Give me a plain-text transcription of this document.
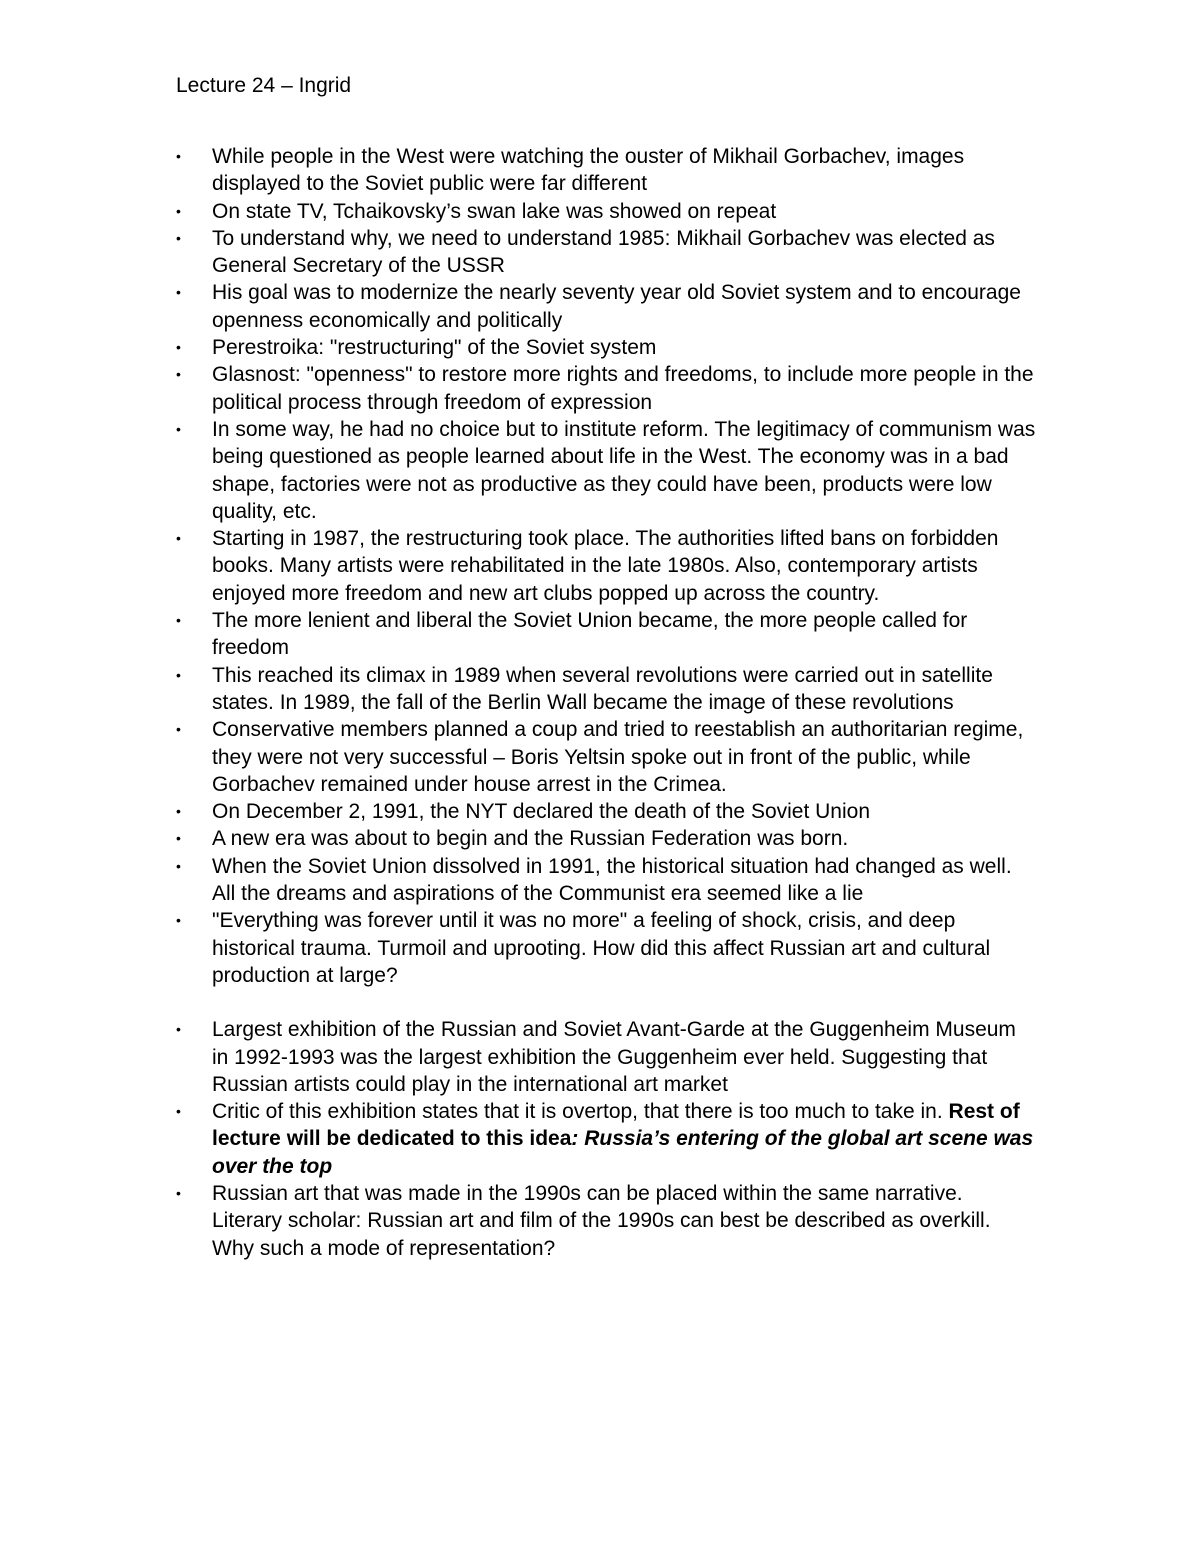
Lecture 24 – Ingrid
• While people in the West were watching the ouster of Mikhail Gorbachev, images displayed to the Soviet public were far different
• On state TV, Tchaikovsky’s swan lake was showed on repeat
• To understand why, we need to understand 1985: Mikhail Gorbachev was elected as General Secretary of the USSR
• His goal was to modernize the nearly seventy year old Soviet system and to encourage openness economically and politically
• Perestroika: "restructuring" of the Soviet system
• Glasnost: "openness" to restore more rights and freedoms, to include more people in the political process through freedom of expression
• In some way, he had no choice but to institute reform. The legitimacy of communism was being questioned as people learned about life in the West. The economy was in a bad shape, factories were not as productive as they could have been, products were low quality, etc.
• Starting in 1987, the restructuring took place. The authorities lifted bans on forbidden books. Many artists were rehabilitated in the late 1980s. Also, contemporary artists enjoyed more freedom and new art clubs popped up across the country.
• The more lenient and liberal the Soviet Union became, the more people called for freedom
• This reached its climax in 1989 when several revolutions were carried out in satellite states. In 1989, the fall of the Berlin Wall became the image of these revolutions
• Conservative members planned a coup and tried to reestablish an authoritarian regime, they were not very successful – Boris Yeltsin spoke out in front of the public, while Gorbachev remained under house arrest in the Crimea.
• On December 2, 1991, the NYT declared the death of the Soviet Union
• A new era was about to begin and the Russian Federation was born.
• When the Soviet Union dissolved in 1991, the historical situation had changed as well. All the dreams and aspirations of the Communist era seemed like a lie
• "Everything was forever until it was no more" a feeling of shock, crisis, and deep historical trauma. Turmoil and uprooting. How did this affect Russian art and cultural production at large?
• Largest exhibition of the Russian and Soviet Avant-Garde at the Guggenheim Museum in 1992-1993 was the largest exhibition the Guggenheim ever held. Suggesting that Russian artists could play in the international art market
• Critic of this exhibition states that it is overtop, that there is too much to take in. Rest of lecture will be dedicated to this idea: Russia’s entering of the global art scene was over the top
• Russian art that was made in the 1990s can be placed within the same narrative. Literary scholar: Russian art and film of the 1990s can best be described as overkill. Why such a mode of representation?
